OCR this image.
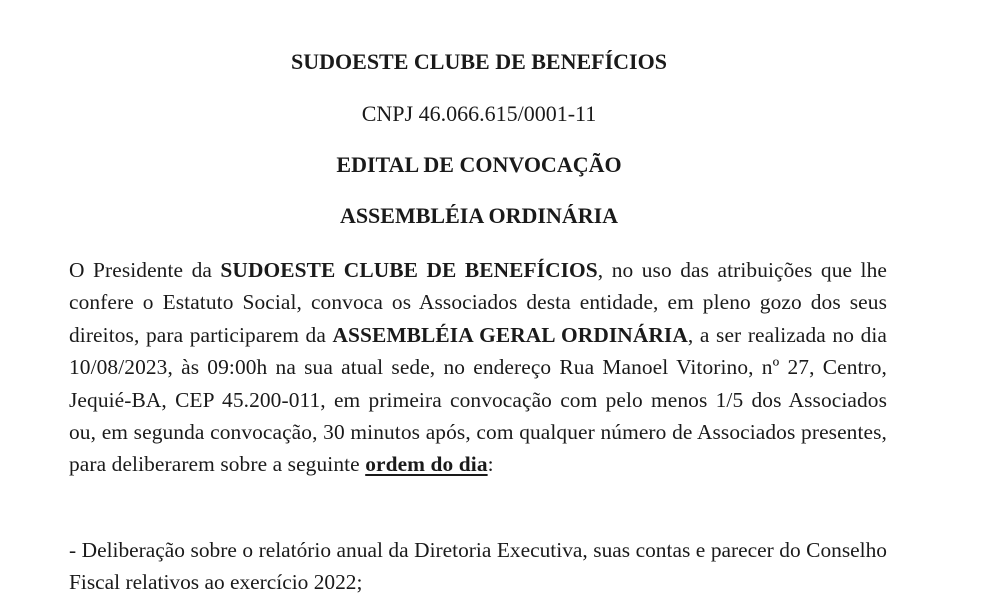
SUDOESTE CLUBE DE BENEFÍCIOS
CNPJ 46.066.615/0001-11
EDITAL DE CONVOCAÇÃO
ASSEMBLÉIA ORDINÁRIA

O Presidente da SUDOESTE CLUBE DE BENEFÍCIOS, no uso das atribuições que lhe confere o Estatuto Social, convoca os Associados desta entidade, em pleno gozo dos seus direitos, para participarem da ASSEMBLÉIA GERAL ORDINÁRIA, a ser realizada no dia 10/08/2023, às 09:00h na sua atual sede, no endereço Rua Manoel Vitorino, nº 27, Centro, Jequié-BA, CEP 45.200-011, em primeira convocação com pelo menos 1/5 dos Associados ou, em segunda convocação, 30 minutos após, com qualquer número de Associados presentes, para deliberarem sobre a seguinte ordem do dia:

- Deliberação sobre o relatório anual da Diretoria Executiva, suas contas e parecer do Conselho Fiscal relativos ao exercício 2022;
